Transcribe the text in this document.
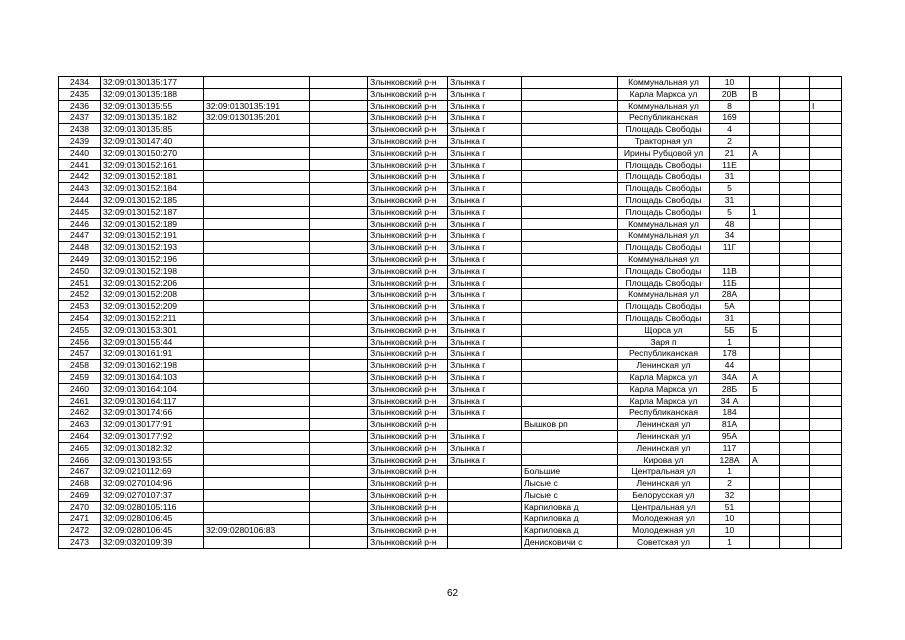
2434	32:09:0130135:177			Злынковский р-н	Злынка г		Коммунальная ул	10			
2435	32:09:0130135:188			Злынковский р-н	Злынка г		Карла Маркса ул	20В	В		
2436	32:09:0130135:55	32:09:0130135:191		Злынковский р-н	Злынка г		Коммунальная ул	8			I
2437	32:09:0130135:182	32:09:0130135:201		Злынковский р-н	Злынка г		Республиканская	169			
2438	32:09:0130135:85			Злынковский р-н	Злынка г		Площадь Свободы	4			
2439	32:09:0130147:40			Злынковский р-н	Злынка г		Тракторная ул	2			
2440	32:09:0130150:270			Злынковский р-н	Злынка г		Ирины Рубцовой ул	21	А		
2441	32:09:0130152:161			Злынковский р-н	Злынка г		Площадь Свободы	11Е			
2442	32:09:0130152:181			Злынковский р-н	Злынка г		Площадь Свободы	31			
2443	32:09:0130152:184			Злынковский р-н	Злынка г		Площадь Свободы	5			
2444	32:09:0130152:185			Злынковский р-н	Злынка г		Площадь Свободы	31			
2445	32:09:0130152:187			Злынковский р-н	Злынка г		Площадь Свободы	5	1		
2446	32:09:0130152:189			Злынковский р-н	Злынка г		Коммунальная ул	48			
2447	32:09:0130152:191			Злынковский р-н	Злынка г		Коммунальная ул	34			
2448	32:09:0130152:193			Злынковский р-н	Злынка г		Площадь Свободы	11Г			
2449	32:09:0130152:196			Злынковский р-н	Злынка г		Коммунальная ул				
2450	32:09:0130152:198			Злынковский р-н	Злынка г		Площадь Свободы	11В			
2451	32:09:0130152:206			Злынковский р-н	Злынка г		Площадь Свободы	11Б			
2452	32:09:0130152:208			Злынковский р-н	Злынка г		Коммунальная ул	28А			
2453	32:09:0130152:209			Злынковский р-н	Злынка г		Площадь Свободы	5А			
2454	32:09:0130152:211			Злынковский р-н	Злынка г		Площадь Свободы	31			
2455	32:09:0130153:301			Злынковский р-н	Злынка г		Щорса ул	5Б	Б		
2456	32:09:0130155:44			Злынковский р-н	Злынка г		Заря п	1			
2457	32:09:0130161:91			Злынковский р-н	Злынка г		Республиканская	178			
2458	32:09:0130162:198			Злынковский р-н	Злынка г		Ленинская ул	44			
2459	32:09:0130164:103			Злынковский р-н	Злынка г		Карла Маркса ул	34А	А		
2460	32:09:0130164:104			Злынковский р-н	Злынка г		Карла Маркса ул	28Б	Б		
2461	32:09:0130164:117			Злынковский р-н	Злынка г		Карла Маркса ул	34 А			
2462	32:09:0130174:66			Злынковский р-н	Злынка г		Республиканская	184			
2463	32:09:0130177:91			Злынковский р-н		Вышков рп	Ленинская ул	81А			
2464	32:09:0130177:92			Злынковский р-н	Злынка г		Ленинская ул	95А			
2465	32:09:0130182:32			Злынковский р-н	Злынка г		Ленинская ул	117			
2466	32:09:0130193:55			Злынковский р-н	Злынка г		Кирова ул	128А	А		
2467	32:09:0210112:69			Злынковский р-н		Большие	Центральная ул	1			
2468	32:09:0270104:96			Злынковский р-н		Лысые с	Ленинская ул	2			
2469	32:09:0270107:37			Злынковский р-н		Лысые с	Белорусская ул	32			
2470	32:09:0280105:116			Злынковский р-н		Карпиловка д	Центральная ул	51			
2471	32:09:0280106:45			Злынковский р-н		Карпиловка д	Молодежная ул	10			
2472	32:09:0280106:45	32:09:0280106:83		Злынковский р-н		Карпиловка д	Молодежная ул	10			
2473	32:09:0320109:39			Злынковский р-н		Денисковичи с	Советская ул	1			
62
